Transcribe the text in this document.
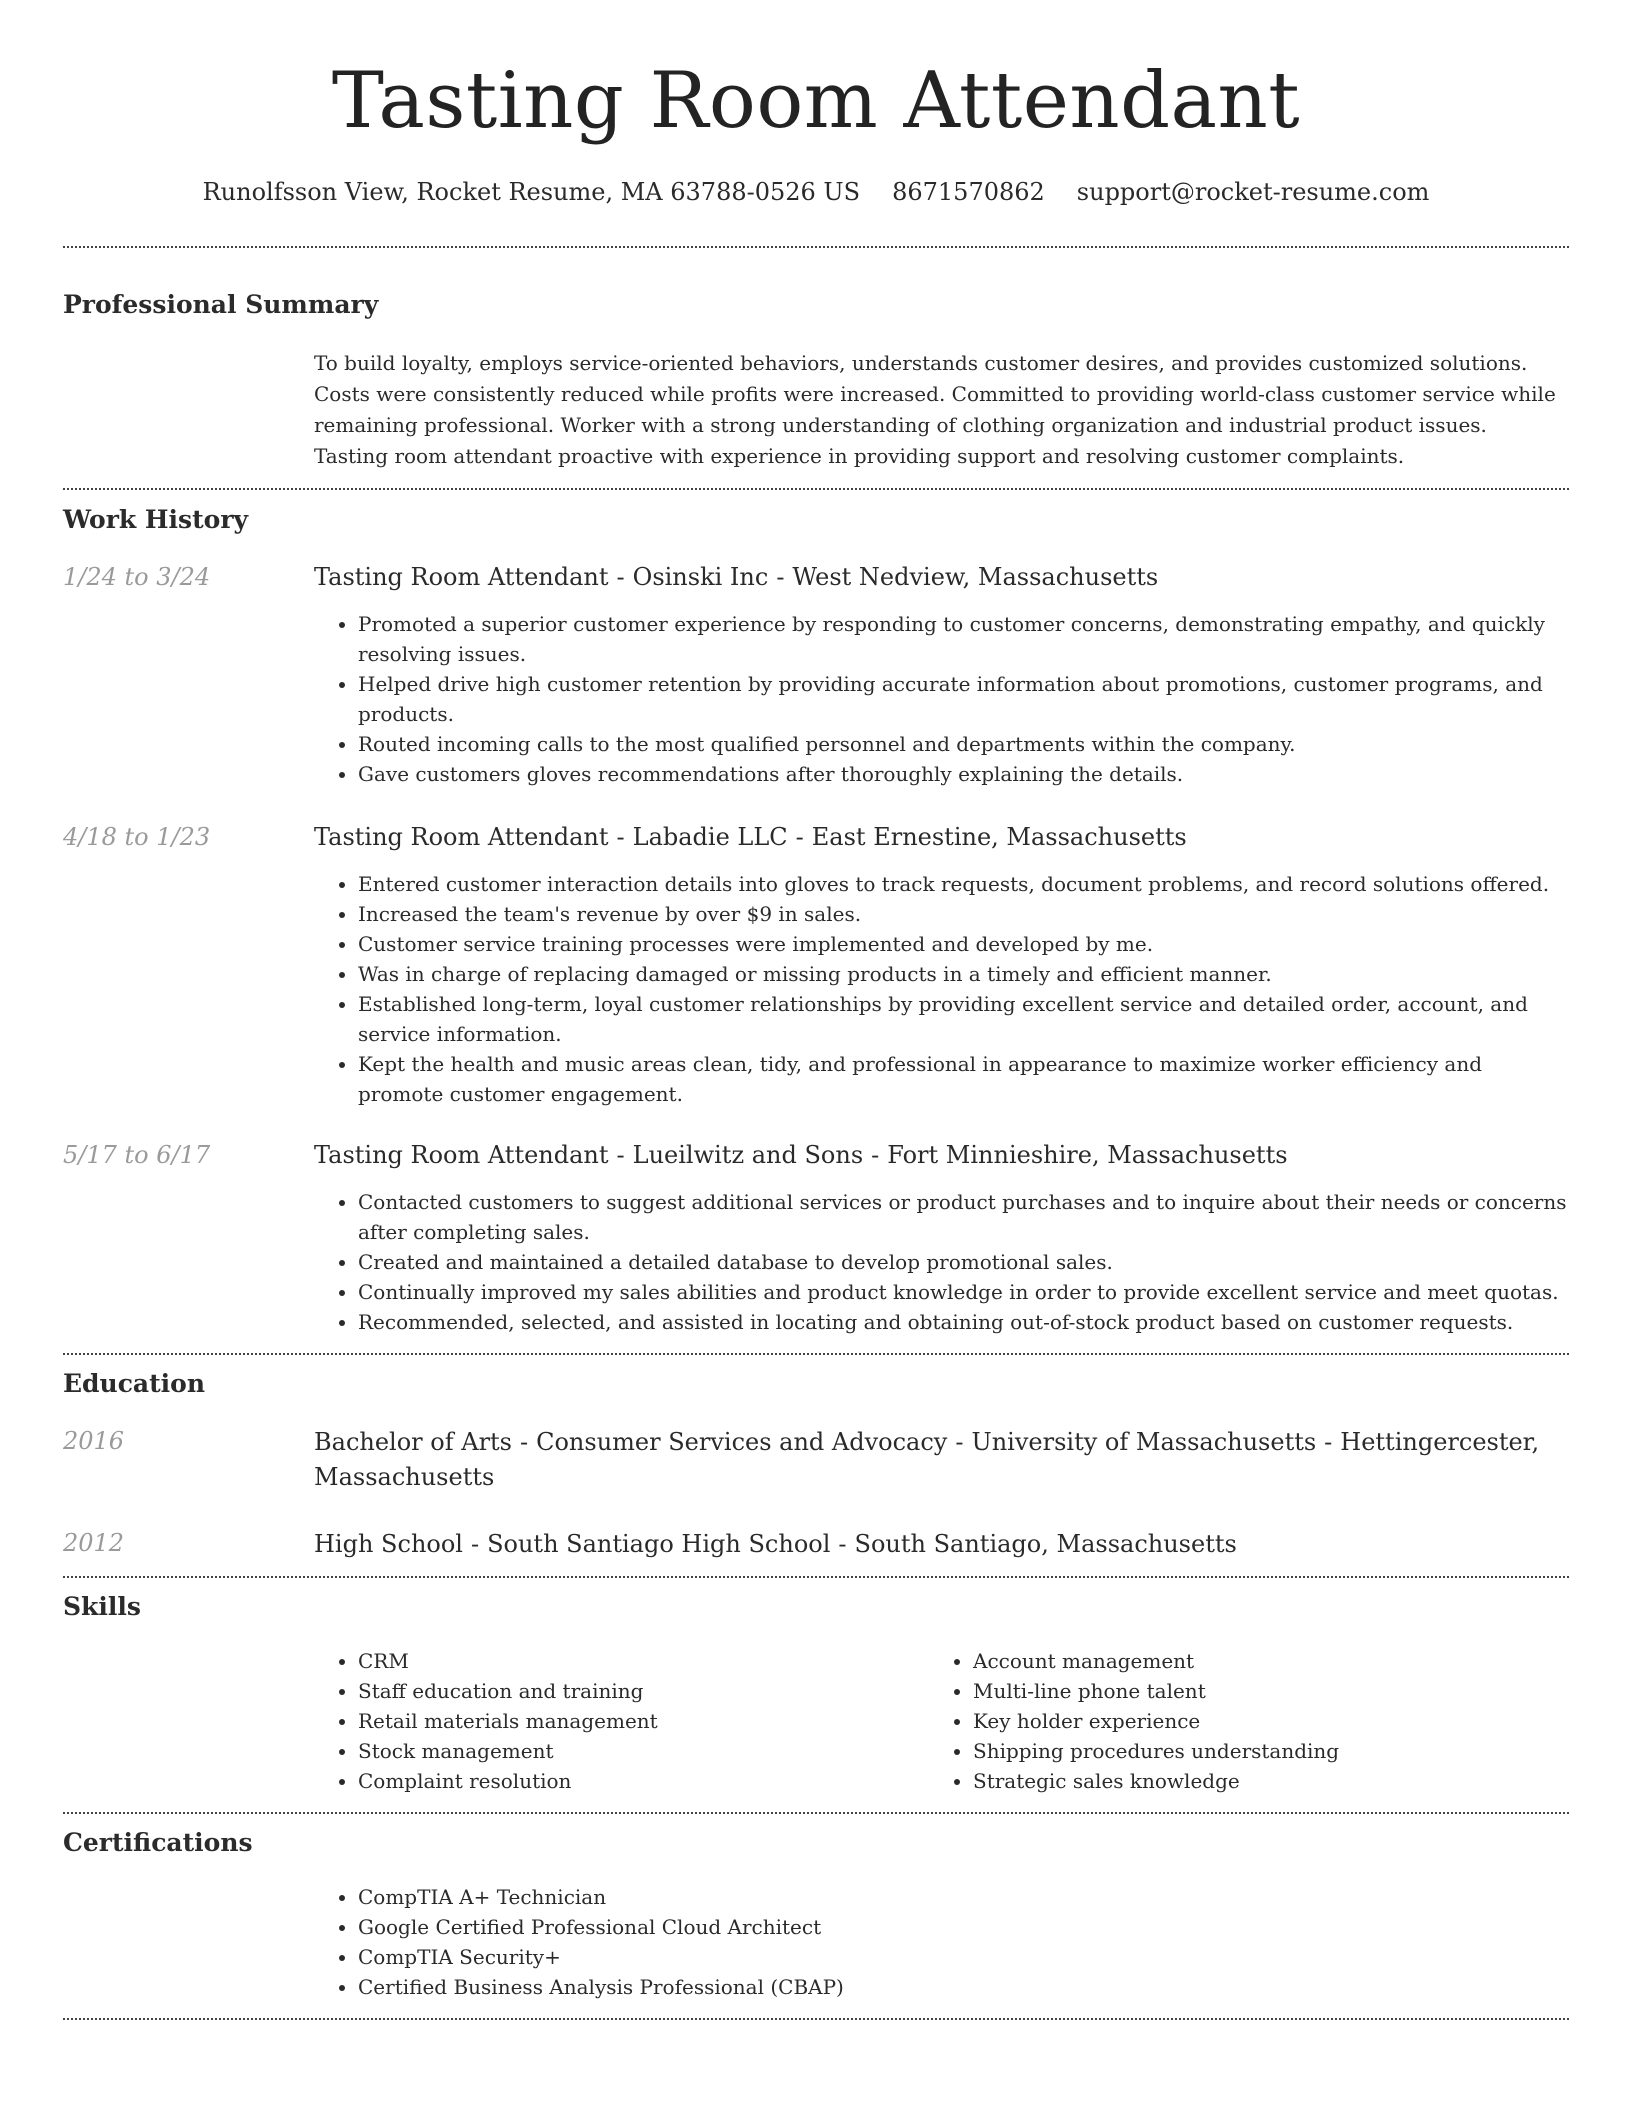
Tasting Room Attendant
Runolfsson View, Rocket Resume, MA 63788-0526 US 8671570862 support@rocket-resume.com
Professional Summary

To build loyalty, employs service-oriented behaviors, understands customer desires, and provides customized solutions. Costs were consistently reduced while profits were increased. Committed to providing world-class customer service while remaining professional. Worker with a strong understanding of clothing organization and industrial product issues. Tasting room attendant proactive with experience in providing support and resolving customer complaints.

Work History
1/24 to 3/24	Tasting Room Attendant - Osinski Inc - West Nedview, Massachusetts
• Promoted a superior customer experience by responding to customer concerns, demonstrating empathy, and quickly resolving issues.
• Helped drive high customer retention by providing accurate information about promotions, customer programs, and products.
• Routed incoming calls to the most qualified personnel and departments within the company.
• Gave customers gloves recommendations after thoroughly explaining the details.
4/18 to 1/23	Tasting Room Attendant - Labadie LLC - East Ernestine, Massachusetts
• Entered customer interaction details into gloves to track requests, document problems, and record solutions offered.
• Increased the team's revenue by over $9 in sales.
• Customer service training processes were implemented and developed by me.
• Was in charge of replacing damaged or missing products in a timely and efficient manner.
• Established long-term, loyal customer relationships by providing excellent service and detailed order, account, and service information.
• Kept the health and music areas clean, tidy, and professional in appearance to maximize worker efficiency and promote customer engagement.
5/17 to 6/17	Tasting Room Attendant - Lueilwitz and Sons - Fort Minnieshire, Massachusetts
• Contacted customers to suggest additional services or product purchases and to inquire about their needs or concerns after completing sales.
• Created and maintained a detailed database to develop promotional sales.
• Continually improved my sales abilities and product knowledge in order to provide excellent service and meet quotas.
• Recommended, selected, and assisted in locating and obtaining out-of-stock product based on customer requests.
Education
2016	Bachelor of Arts - Consumer Services and Advocacy - University of Massachusetts - Hettingercester, Massachusetts
2012	High School - South Santiago High School - South Santiago, Massachusetts
Skills
• CRM
• Staff education and training
• Retail materials management
• Stock management
• Complaint resolution
• Account management
• Multi-line phone talent
• Key holder experience
• Shipping procedures understanding
• Strategic sales knowledge
Certifications
• CompTIA A+ Technician
• Google Certified Professional Cloud Architect
• CompTIA Security+
• Certified Business Analysis Professional (CBAP)
